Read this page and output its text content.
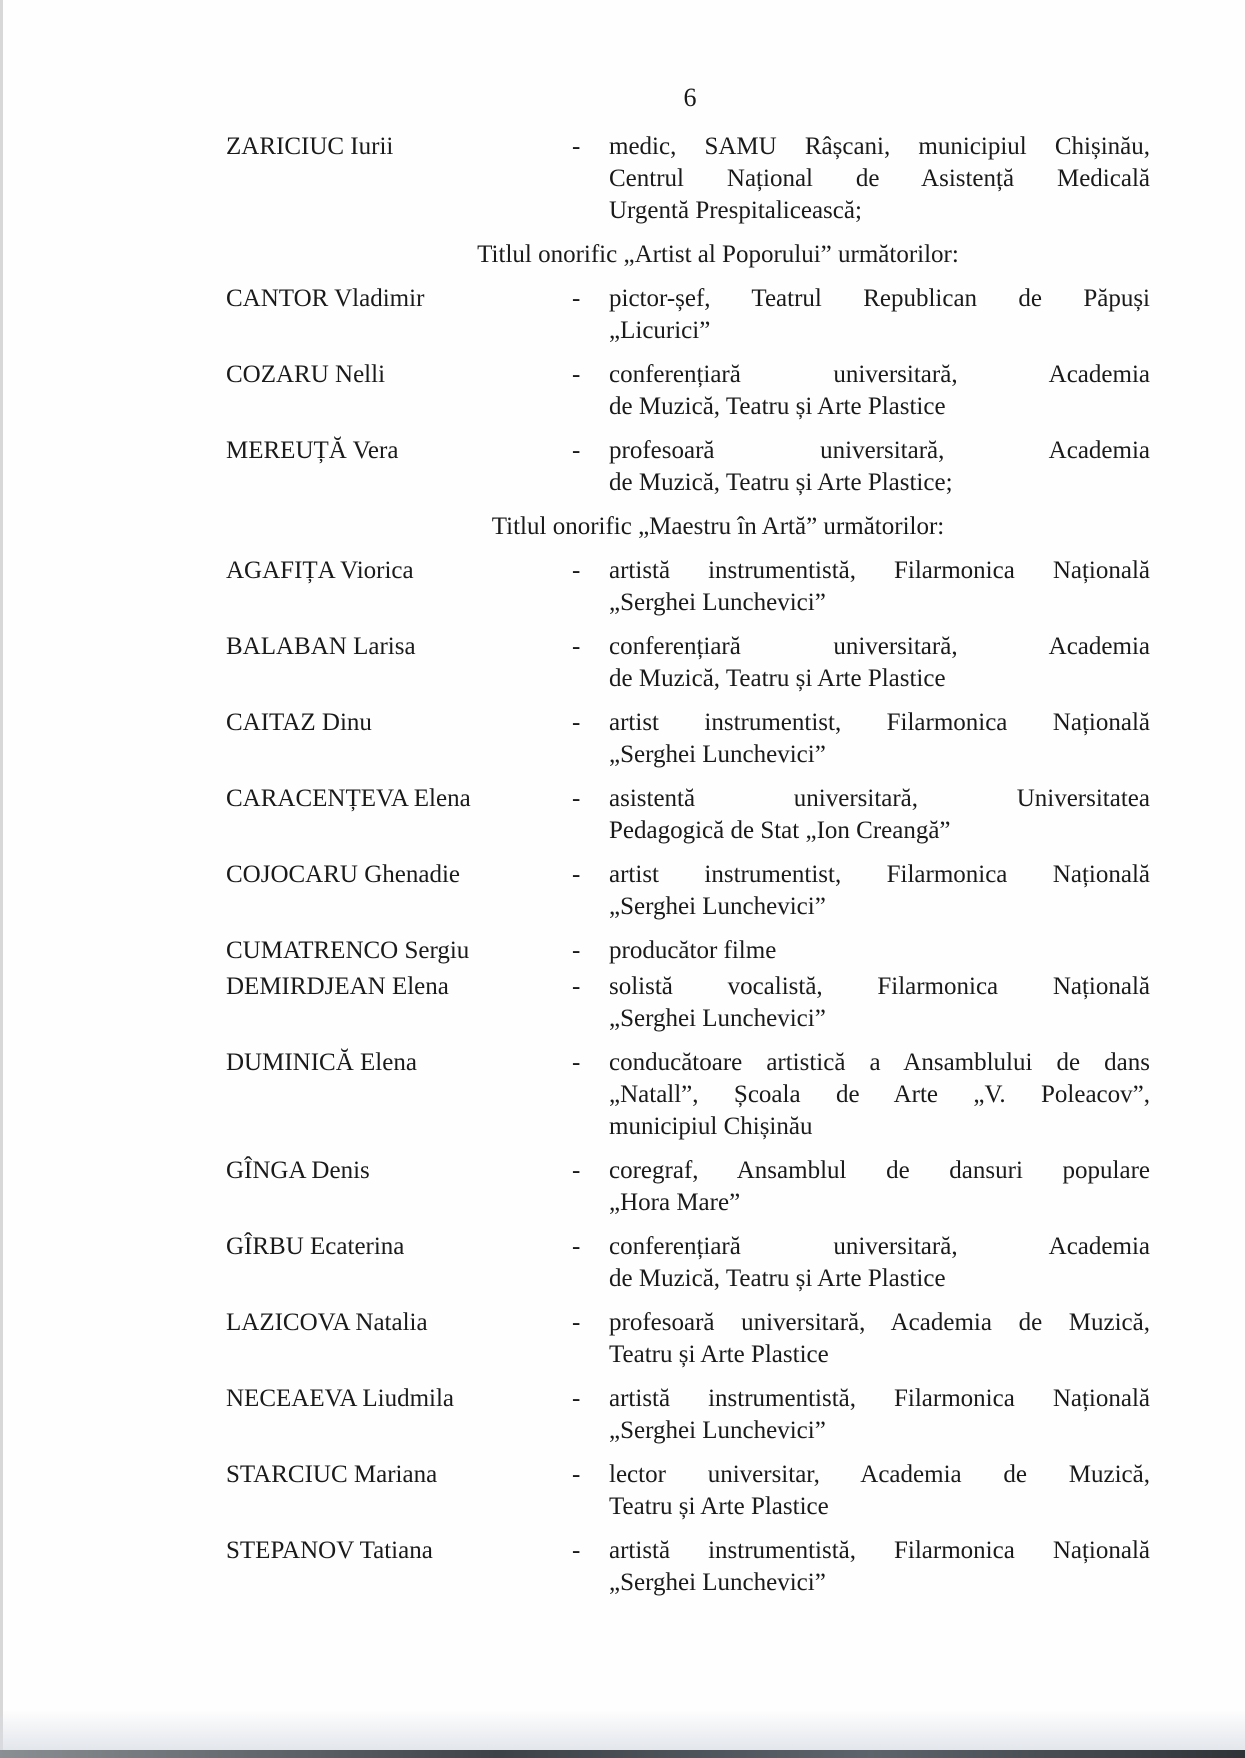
6
ZARICIUC Iurii	-	medic, SAMU Râșcani, municipiul Chișinău,
Centrul Național de Asistență Medicală
Urgentă Prespitalicească;
Titlul onorific „Artist al Poporului” următorilor:
CANTOR Vladimir	-	pictor-șef, Teatrul Republican de Păpuși
„Licurici”
COZARU Nelli	-	conferențiară universitară, Academia
de Muzică, Teatru și Arte Plastice
MEREUȚĂ Vera	-	profesoară universitară, Academia
de Muzică, Teatru și Arte Plastice;
Titlul onorific „Maestru în Artă” următorilor:
AGAFIȚA Viorica	-	artistă instrumentistă, Filarmonica Națională
„Serghei Lunchevici”
BALABAN Larisa	-	conferențiară universitară, Academia
de Muzică, Teatru și Arte Plastice
CAITAZ Dinu	-	artist instrumentist, Filarmonica Națională
„Serghei Lunchevici”
CARACENȚEVA Elena	-	asistentă universitară, Universitatea
Pedagogică de Stat „Ion Creangă”
COJOCARU Ghenadie	-	artist instrumentist, Filarmonica Națională
„Serghei Lunchevici”
CUMATRENCO Sergiu	-	producător filme
DEMIRDJEAN Elena	-	solistă vocalistă, Filarmonica Națională
„Serghei Lunchevici”
DUMINICĂ Elena	-	conducătoare artistică a Ansamblului de dans
„Natall”, Școala de Arte „V. Poleacov”,
municipiul Chișinău
GÎNGA Denis	-	coregraf, Ansamblul de dansuri populare
„Hora Mare”
GÎRBU Ecaterina	-	conferențiară universitară, Academia
de Muzică, Teatru și Arte Plastice
LAZICOVA Natalia	-	profesoară universitară, Academia de Muzică,
Teatru și Arte Plastice
NECEAEVA Liudmila	-	artistă instrumentistă, Filarmonica Națională
„Serghei Lunchevici”
STARCIUC Mariana	-	lector universitar, Academia de Muzică,
Teatru și Arte Plastice
STEPANOV Tatiana	-	artistă instrumentistă, Filarmonica Națională
„Serghei Lunchevici”
